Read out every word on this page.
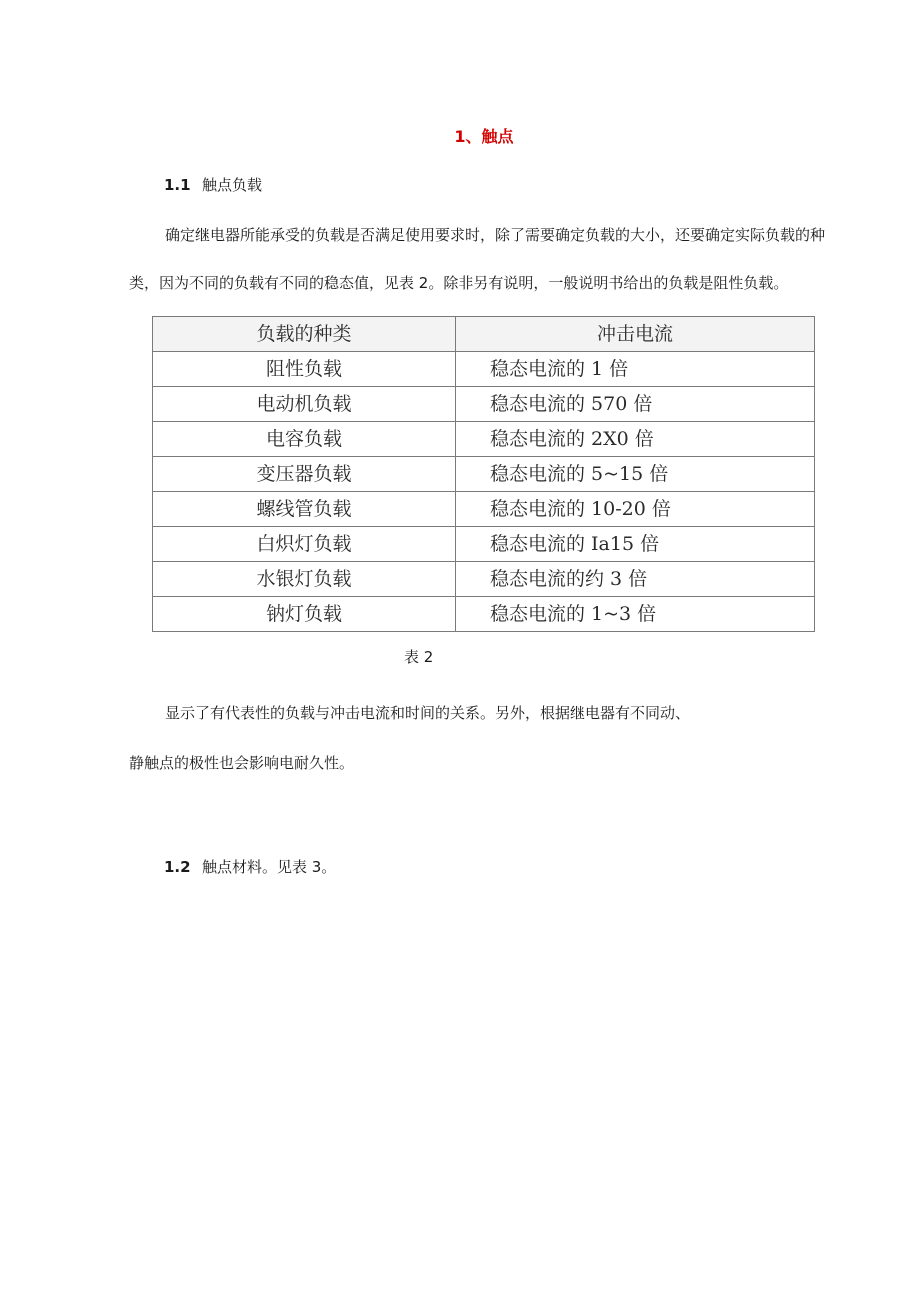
1、触点
1.1 触点负载
确定继电器所能承受的负载是否满足使用要求时，除了需要确定负载的大小，还要确定实际负载的种
类，因为不同的负载有不同的稳态值，见表 2。除非另有说明，一般说明书给出的负载是阻性负载。
负载的种类	冲击电流
阻性负载	稳态电流的 1 倍
电动机负载	稳态电流的 570 倍
电容负载	稳态电流的 2X0 倍
变压器负载	稳态电流的 5~15 倍
螺线管负载	稳态电流的 10-20 倍
白炽灯负载	稳态电流的 Ia15 倍
水银灯负载	稳态电流的约 3 倍
钠灯负载	稳态电流的 1~3 倍
表 2
显示了有代表性的负载与冲击电流和时间的关系。另外，根据继电器有不同动、
静触点的极性也会影响电耐久性。
1.2 触点材料。见表 3。
